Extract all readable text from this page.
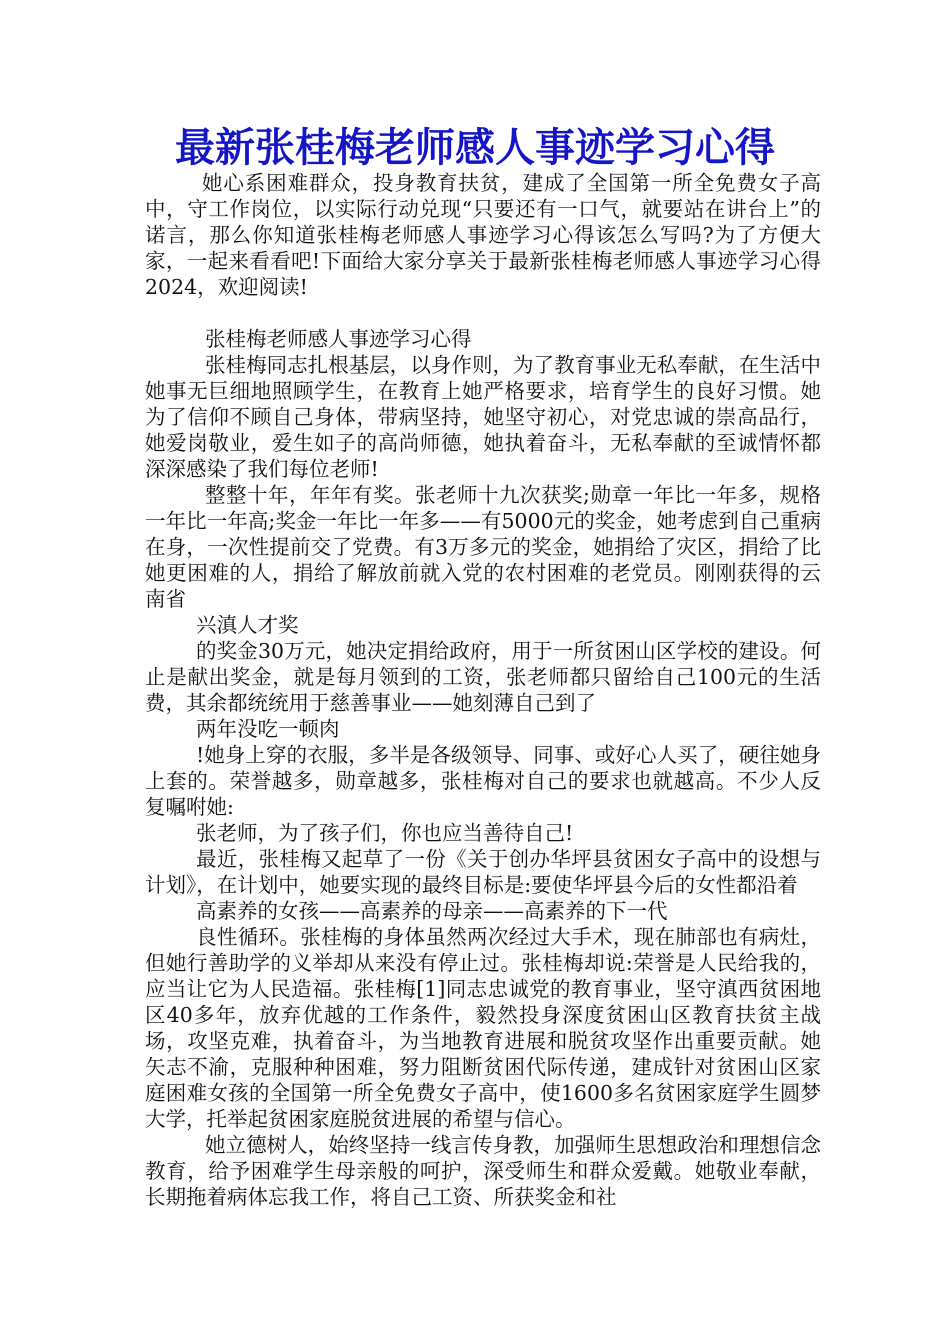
最新张桂梅老师感人事迹学习心得

她心系困难群众，投身教育扶贫，建成了全国第一所全免费女子高中，守工作岗位，以实际行动兑现“只要还有一口气，就要站在讲台上”的诺言，那么你知道张桂梅老师感人事迹学习心得该怎么写吗?为了方便大家，一起来看看吧!下面给大家分享关于最新张桂梅老师感人事迹学习心得2024，欢迎阅读!

张桂梅老师感人事迹学习心得

张桂梅同志扎根基层，以身作则，为了教育事业无私奉献，在生活中她事无巨细地照顾学生，在教育上她严格要求，培育学生的良好习惯。她为了信仰不顾自己身体，带病坚持，她坚守初心，对党忠诚的崇高品行，她爱岗敬业，爱生如子的高尚师德，她执着奋斗，无私奉献的至诚情怀都深深感染了我们每位老师!

整整十年，年年有奖。张老师十九次获奖;勋章一年比一年多，规格一年比一年高;奖金一年比一年多——有5000元的奖金，她考虑到自己重病在身，一次性提前交了党费。有3万多元的奖金，她捐给了灾区，捐给了比她更困难的人，捐给了解放前就入党的农村困难的老党员。刚刚获得的云南省

兴滇人才奖

的奖金30万元，她决定捐给政府，用于一所贫困山区学校的建设。何止是献出奖金，就是每月领到的工资，张老师都只留给自己100元的生活费，其余都统统用于慈善事业——她刻薄自己到了

两年没吃一顿肉

!她身上穿的衣服，多半是各级领导、同事、或好心人买了，硬往她身上套的。荣誉越多，勋章越多，张桂梅对自己的要求也就越高。不少人反复嘱咐她:

张老师，为了孩子们，你也应当善待自己!

最近，张桂梅又起草了一份《关于创办华坪县贫困女子高中的设想与计划》，在计划中，她要实现的最终目标是:要使华坪县今后的女性都沿着

高素养的女孩——高素养的母亲——高素养的下一代

良性循环。张桂梅的身体虽然两次经过大手术，现在肺部也有病灶，但她行善助学的义举却从来没有停止过。张桂梅却说:荣誉是人民给我的，应当让它为人民造福。张桂梅[1]同志忠诚党的教育事业，坚守滇西贫困地区40多年，放弃优越的工作条件，毅然投身深度贫困山区教育扶贫主战场，攻坚克难，执着奋斗，为当地教育进展和脱贫攻坚作出重要贡献。她矢志不渝，克服种种困难，努力阻断贫困代际传递，建成针对贫困山区家庭困难女孩的全国第一所全免费女子高中，使1600多名贫困家庭学生圆梦大学，托举起贫困家庭脱贫进展的希望与信心。

她立德树人，始终坚持一线言传身教，加强师生思想政治和理想信念教育，给予困难学生母亲般的呵护，深受师生和群众爱戴。她敬业奉献，长期拖着病体忘我工作，将自己工资、所获奖金和社
